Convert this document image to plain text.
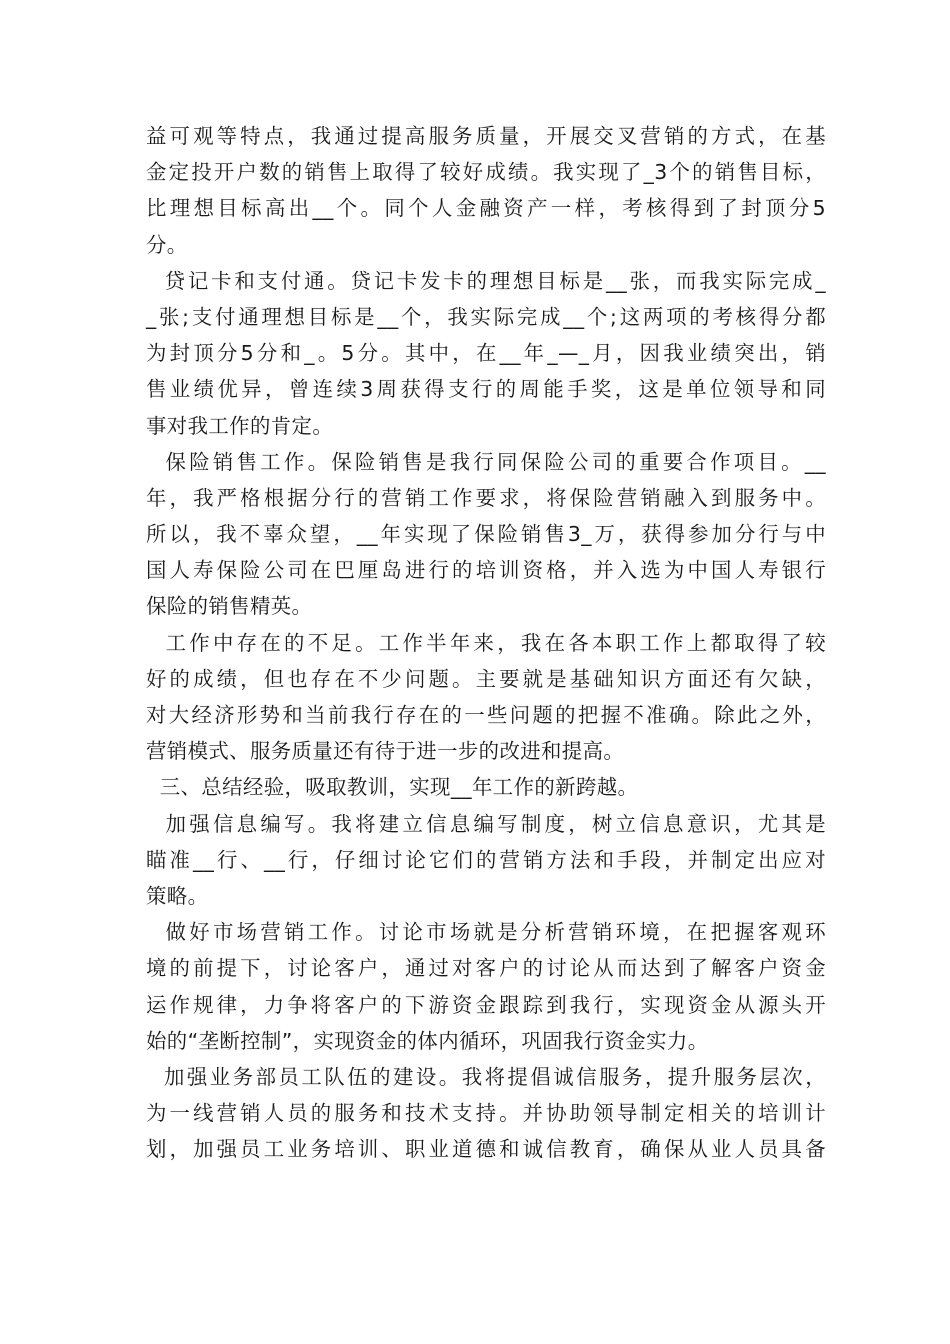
益可观等特点，我通过提高服务质量，开展交叉营销的方式，在基
金定投开户数的销售上取得了较好成绩。我实现了_3个的销售目标，
比理想目标高出__个。同个人金融资产一样，考核得到了封顶分5
分。
贷记卡和支付通。贷记卡发卡的理想目标是__张，而我实际完成_
_张;支付通理想目标是__个，我实际完成__个;这两项的考核得分都
为封顶分5分和_。5分。其中，在__年_—_月，因我业绩突出，销
售业绩优异，曾连续3周获得支行的周能手奖，这是单位领导和同
事对我工作的肯定。
保险销售工作。保险销售是我行同保险公司的重要合作项目。__
年，我严格根据分行的营销工作要求，将保险营销融入到服务中。
所以，我不辜众望，__年实现了保险销售3_万，获得参加分行与中
国人寿保险公司在巴厘岛进行的培训资格，并入选为中国人寿银行
保险的销售精英。
工作中存在的不足。工作半年来，我在各本职工作上都取得了较
好的成绩，但也存在不少问题。主要就是基础知识方面还有欠缺，
对大经济形势和当前我行存在的一些问题的把握不准确。除此之外，
营销模式、服务质量还有待于进一步的改进和提高。
三、总结经验，吸取教训，实现__年工作的新跨越。
加强信息编写。我将建立信息编写制度，树立信息意识，尤其是
瞄准__行、__行，仔细讨论它们的营销方法和手段，并制定出应对
策略。
做好市场营销工作。讨论市场就是分析营销环境，在把握客观环
境的前提下，讨论客户，通过对客户的讨论从而达到了解客户资金
运作规律，力争将客户的下游资金跟踪到我行，实现资金从源头开
始的“垄断控制”，实现资金的体内循环，巩固我行资金实力。
加强业务部员工队伍的建设。我将提倡诚信服务，提升服务层次，
为一线营销人员的服务和技术支持。并协助领导制定相关的培训计
划，加强员工业务培训、职业道德和诚信教育，确保从业人员具备
